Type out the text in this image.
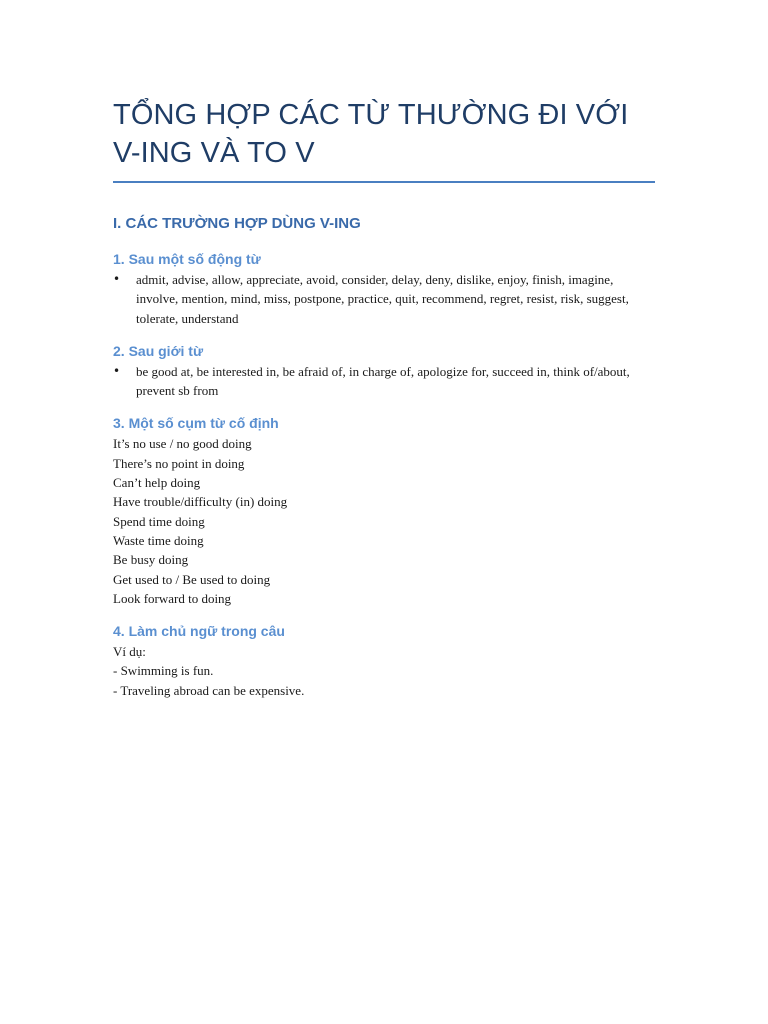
TỔNG HỢP CÁC TỪ THƯỜNG ĐI VỚI V-ING VÀ TO V
I. CÁC TRƯỜNG HỢP DÙNG V-ING
1. Sau một số động từ
• admit, advise, allow, appreciate, avoid, consider, delay, deny, dislike, enjoy, finish, imagine, involve, mention, mind, miss, postpone, practice, quit, recommend, regret, resist, risk, suggest, tolerate, understand
2. Sau giới từ
• be good at, be interested in, be afraid of, in charge of, apologize for, succeed in, think of/about, prevent sb from
3. Một số cụm từ cố định
It’s no use / no good doing
There’s no point in doing
Can’t help doing
Have trouble/difficulty (in) doing
Spend time doing
Waste time doing
Be busy doing
Get used to / Be used to doing
Look forward to doing
4. Làm chủ ngữ trong câu
Ví dụ:
- Swimming is fun.
- Traveling abroad can be expensive.
